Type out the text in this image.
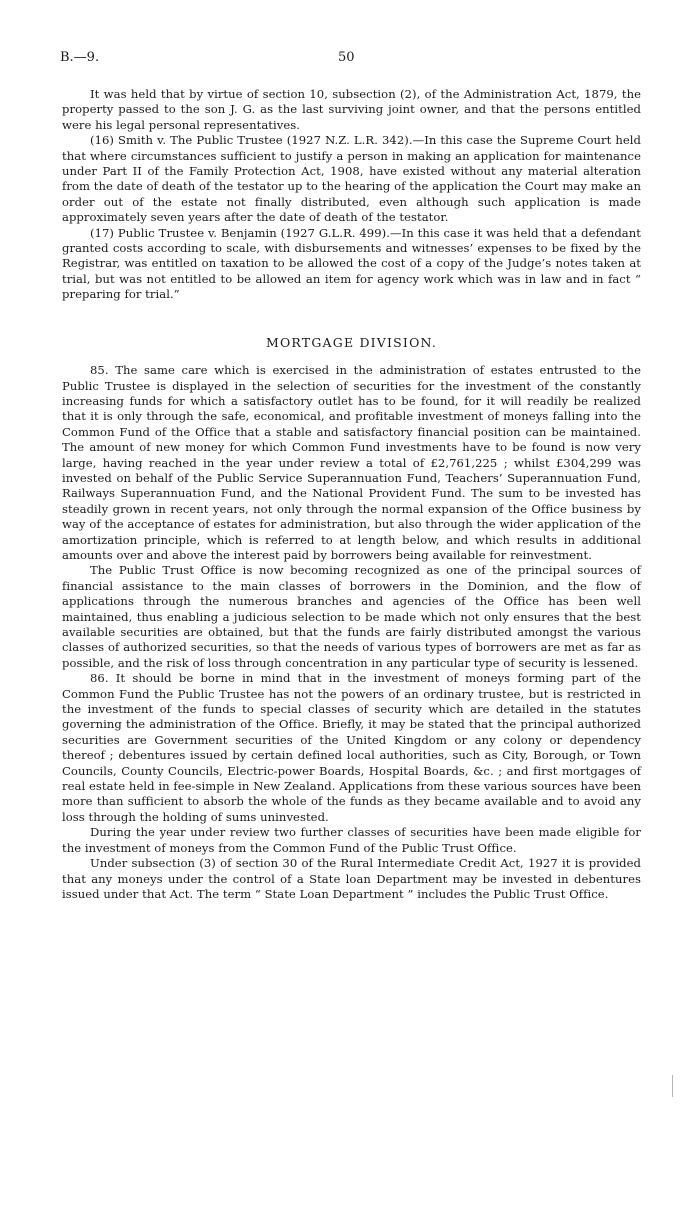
B.—9.	50

It was held that by virtue of section 10, subsection (2), of the Administration Act, 1879, the property passed to the son J. G. as the last surviving joint owner, and that the persons entitled were his legal personal representatives.

(16) Smith v. The Public Trustee (1927 N.Z. L.R. 342).—In this case the Supreme Court held that where circumstances sufficient to justify a person in making an application for maintenance under Part II of the Family Protection Act, 1908, have existed without any material alteration from the date of death of the testator up to the hearing of the application the Court may make an order out of the estate not finally distributed, even although such application is made approximately seven years after the date of death of the testator.

(17) Public Trustee v. Benjamin (1927 G.L.R. 499).—In this case it was held that a defendant granted costs according to scale, with disbursements and witnesses’ expenses to be fixed by the Registrar, was entitled on taxation to be allowed the cost of a copy of the Judge’s notes taken at trial, but was not entitled to be allowed an item for agency work which was in law and in fact “ preparing for trial.”

MORTGAGE DIVISION.

85. The same care which is exercised in the administration of estates entrusted to the Public Trustee is displayed in the selection of securities for the investment of the constantly increasing funds for which a satisfactory outlet has to be found, for it will readily be realized that it is only through the safe, economical, and profitable investment of moneys falling into the Common Fund of the Office that a stable and satisfactory financial position can be maintained. The amount of new money for which Common Fund investments have to be found is now very large, having reached in the year under review a total of £2,761,225 ; whilst £304,299 was invested on behalf of the Public Service Superannuation Fund, Teachers’ Superannuation Fund, Railways Superannuation Fund, and the National Provident Fund. The sum to be invested has steadily grown in recent years, not only through the normal expansion of the Office business by way of the acceptance of estates for administration, but also through the wider application of the amortization principle, which is referred to at length below, and which results in additional amounts over and above the interest paid by borrowers being available for reinvestment.

The Public Trust Office is now becoming recognized as one of the principal sources of financial assistance to the main classes of borrowers in the Dominion, and the flow of applications through the numerous branches and agencies of the Office has been well maintained, thus enabling a judicious selection to be made which not only ensures that the best available securities are obtained, but that the funds are fairly distributed amongst the various classes of authorized securities, so that the needs of various types of borrowers are met as far as possible, and the risk of loss through concentration in any particular type of security is lessened.

86. It should be borne in mind that in the investment of moneys forming part of the Common Fund the Public Trustee has not the powers of an ordinary trustee, but is restricted in the investment of the funds to special classes of security which are detailed in the statutes governing the administration of the Office. Briefly, it may be stated that the principal authorized securities are Government securities of the United Kingdom or any colony or dependency thereof ; debentures issued by certain defined local authorities, such as City, Borough, or Town Councils, County Councils, Electric-power Boards, Hospital Boards, &c. ; and first mortgages of real estate held in fee-simple in New Zealand. Applications from these various sources have been more than sufficient to absorb the whole of the funds as they became available and to avoid any loss through the holding of sums uninvested.

During the year under review two further classes of securities have been made eligible for the investment of moneys from the Common Fund of the Public Trust Office.

Under subsection (3) of section 30 of the Rural Intermediate Credit Act, 1927 it is provided that any moneys under the control of a State loan Department may be invested in debentures issued under that Act. The term “ State Loan Department ” includes the Public Trust Office.
